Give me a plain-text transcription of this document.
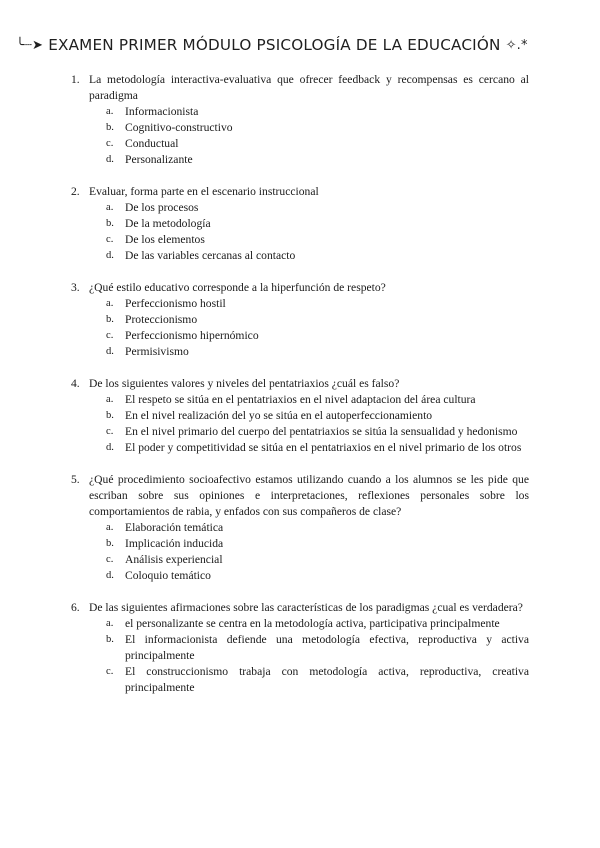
╰┈➤ EXAMEN PRIMER MÓDULO PSICOLOGÍA DE LA EDUCACIÓN ✧.*
1. La metodología interactiva-evaluativa que ofrecer feedback y recompensas es cercano al paradigma
a. Informacionista
b. Cognitivo-constructivo
c. Conductual
d. Personalizante
2. Evaluar, forma parte en el escenario instruccional
a. De los procesos
b. De la metodología
c. De los elementos
d. De las variables cercanas al contacto
3. ¿Qué estilo educativo corresponde a la hiperfunción de respeto?
a. Perfeccionismo hostil
b. Proteccionismo
c. Perfeccionismo hipernómico
d. Permisivismo
4. De los siguientes valores y niveles del pentatriaxios ¿cuál es falso?
a. El respeto se sitúa en el pentatriaxios en el nivel adaptacion del área cultura
b. En el nivel realización del yo se sitúa en el autoperfeccionamiento
c. En el nivel primario del cuerpo del pentatriaxios se sitúa la sensualidad y hedonismo
d. El poder y competitividad se sitúa en el pentatriaxios en el nivel primario de los otros
5. ¿Qué procedimiento socioafectivo estamos utilizando cuando a los alumnos se les pide que escriban sobre sus opiniones e interpretaciones, reflexiones personales sobre los comportamientos de rabia, y enfados con sus compañeros de clase?
a. Elaboración temática
b. Implicación inducida
c. Análisis experiencial
d. Coloquio temático
6. De las siguientes afirmaciones sobre las características de los paradigmas ¿cual es verdadera?
a. el personalizante se centra en la metodología activa, participativa principalmente
b. El informacionista defiende una metodología efectiva, reproductiva y activa principalmente
c. El construccionismo trabaja con metodología activa, reproductiva, creativa principalmente
